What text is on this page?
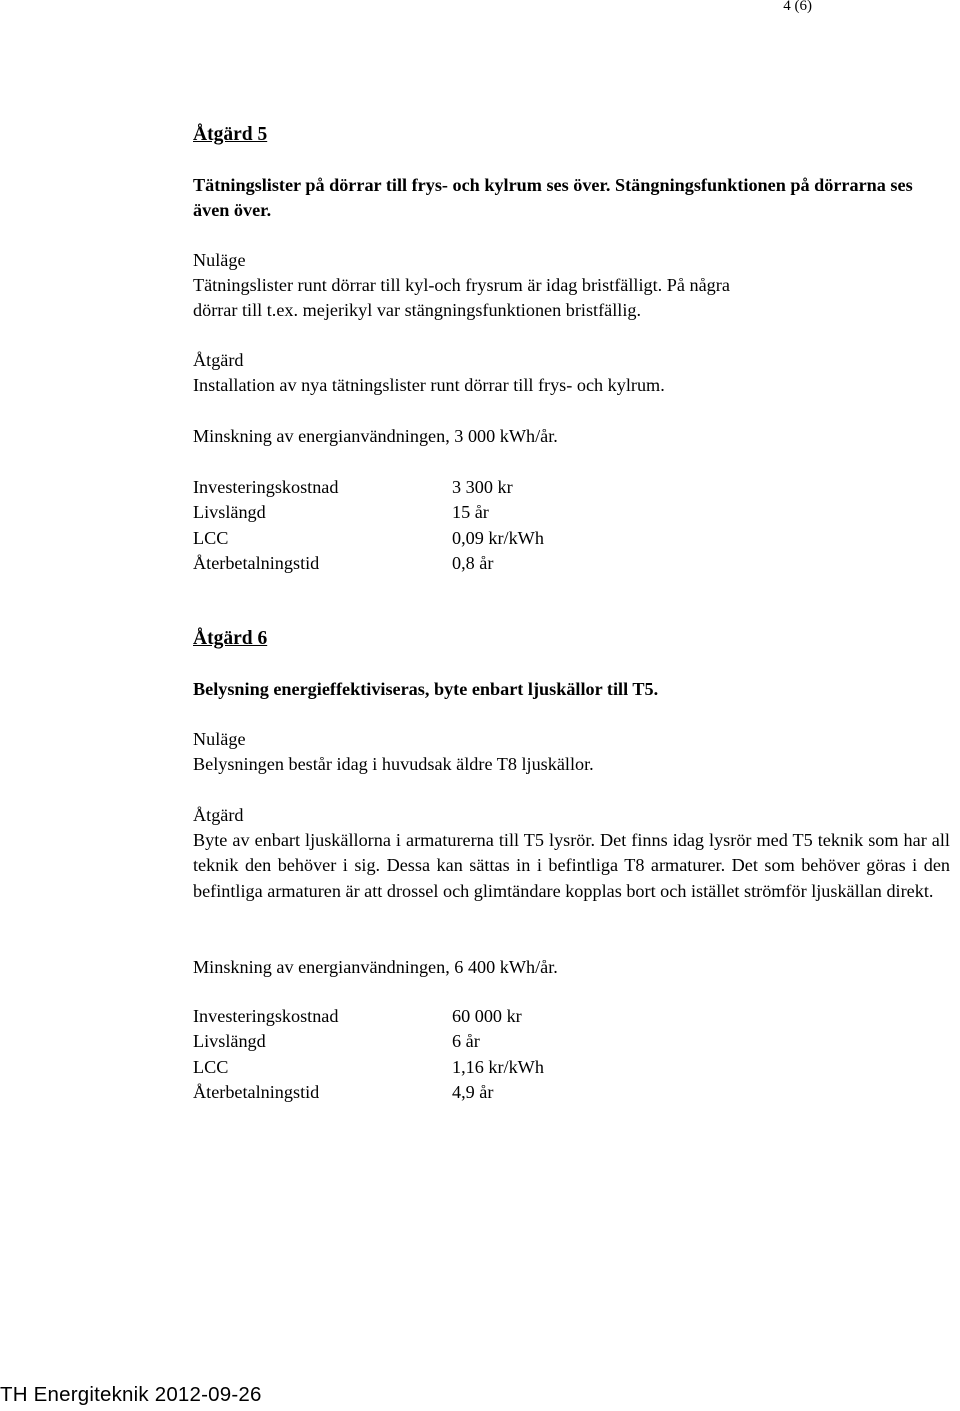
4 (6)
Åtgärd 5
Tätningslister på dörrar till frys- och kylrum ses över. Stängningsfunktionen på dörrarna ses även över.
Nuläge
Tätningslister runt dörrar till kyl-och frysrum är idag bristfälligt. På några dörrar till t.ex. mejerikyl var stängningsfunktionen bristfällig.
Åtgärd
Installation av nya tätningslister runt dörrar till frys- och kylrum.
Minskning av energianvändningen, 3 000 kWh/år.
Investeringskostnad	3 300 kr
Livslängd	15 år
LCC	0,09 kr/kWh
Återbetalningstid	0,8 år
Åtgärd 6
Belysning energieffektiviseras, byte enbart ljuskällor till T5.
Nuläge
Belysningen består idag i huvudsak äldre T8 ljuskällor.
Åtgärd
Byte av enbart ljuskällorna i armaturerna till T5 lysrör. Det finns idag lysrör med T5 teknik som har all teknik den behöver i sig. Dessa kan sättas in i befintliga T8 armaturer. Det som behöver göras i den befintliga armaturen är att drossel och glimtändare kopplas bort och istället strömför ljuskällan direkt.
Minskning av energianvändningen, 6 400 kWh/år.
Investeringskostnad	60 000 kr
Livslängd	6 år
LCC	1,16 kr/kWh
Återbetalningstid	4,9 år
TH Energiteknik 2012-09-26
